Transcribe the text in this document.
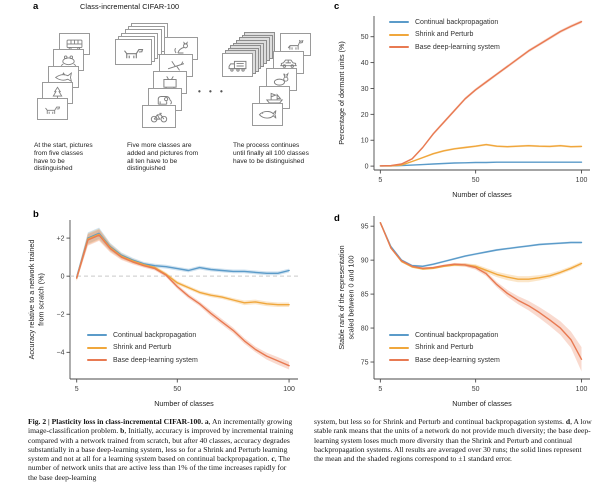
a
b
c
d
Class-incremental CIFAR-100
• • •
At the start, pictures from five classes have to be distinguished
Five more classes are added and pictures from all ten have to be distinguished
The process continues until finally all 100 classes have to be distinguished
+2
0
−2
−4
5	50	100
Accuracy relative to a network trained from scratch (%)
Number of classes
Continual backpropagation
Shrink and Perturb
Base deep-learning system
0
10
20
30
40
50
5	50	100
Percentage of dormant units (%)
Number of classes
Continual backpropagation
Shrink and Perturb
Base deep-learning system
75
80
85
90
95
5	50	100
Stable rank of the representation scaled between 0 and 100
Number of classes
Continual backpropagation
Shrink and Perturb
Base deep-learning system
Fig. 2 | Plasticity loss in class-incremental CIFAR-100. a, An incrementally growing image-classification problem. b, Initially, accuracy is improved by incremental training compared with a network trained from scratch, but after 40 classes, accuracy degrades substantially in a base deep-learning system, less so for a Shrink and Perturb learning system and not at all for a learning system based on continual backpropagation. c, The number of network units that are active less than 1% of the time increases rapidly for the base deep-learning
system, but less so for Shrink and Perturb and continual backpropagation systems. d, A low stable rank means that the units of a network do not provide much diversity; the base deep-learning system loses much more diversity than the Shrink and Perturb and continual backpropagation systems. All results are averaged over 30 runs; the solid lines represent the mean and the shaded regions correspond to ±1 standard error.
